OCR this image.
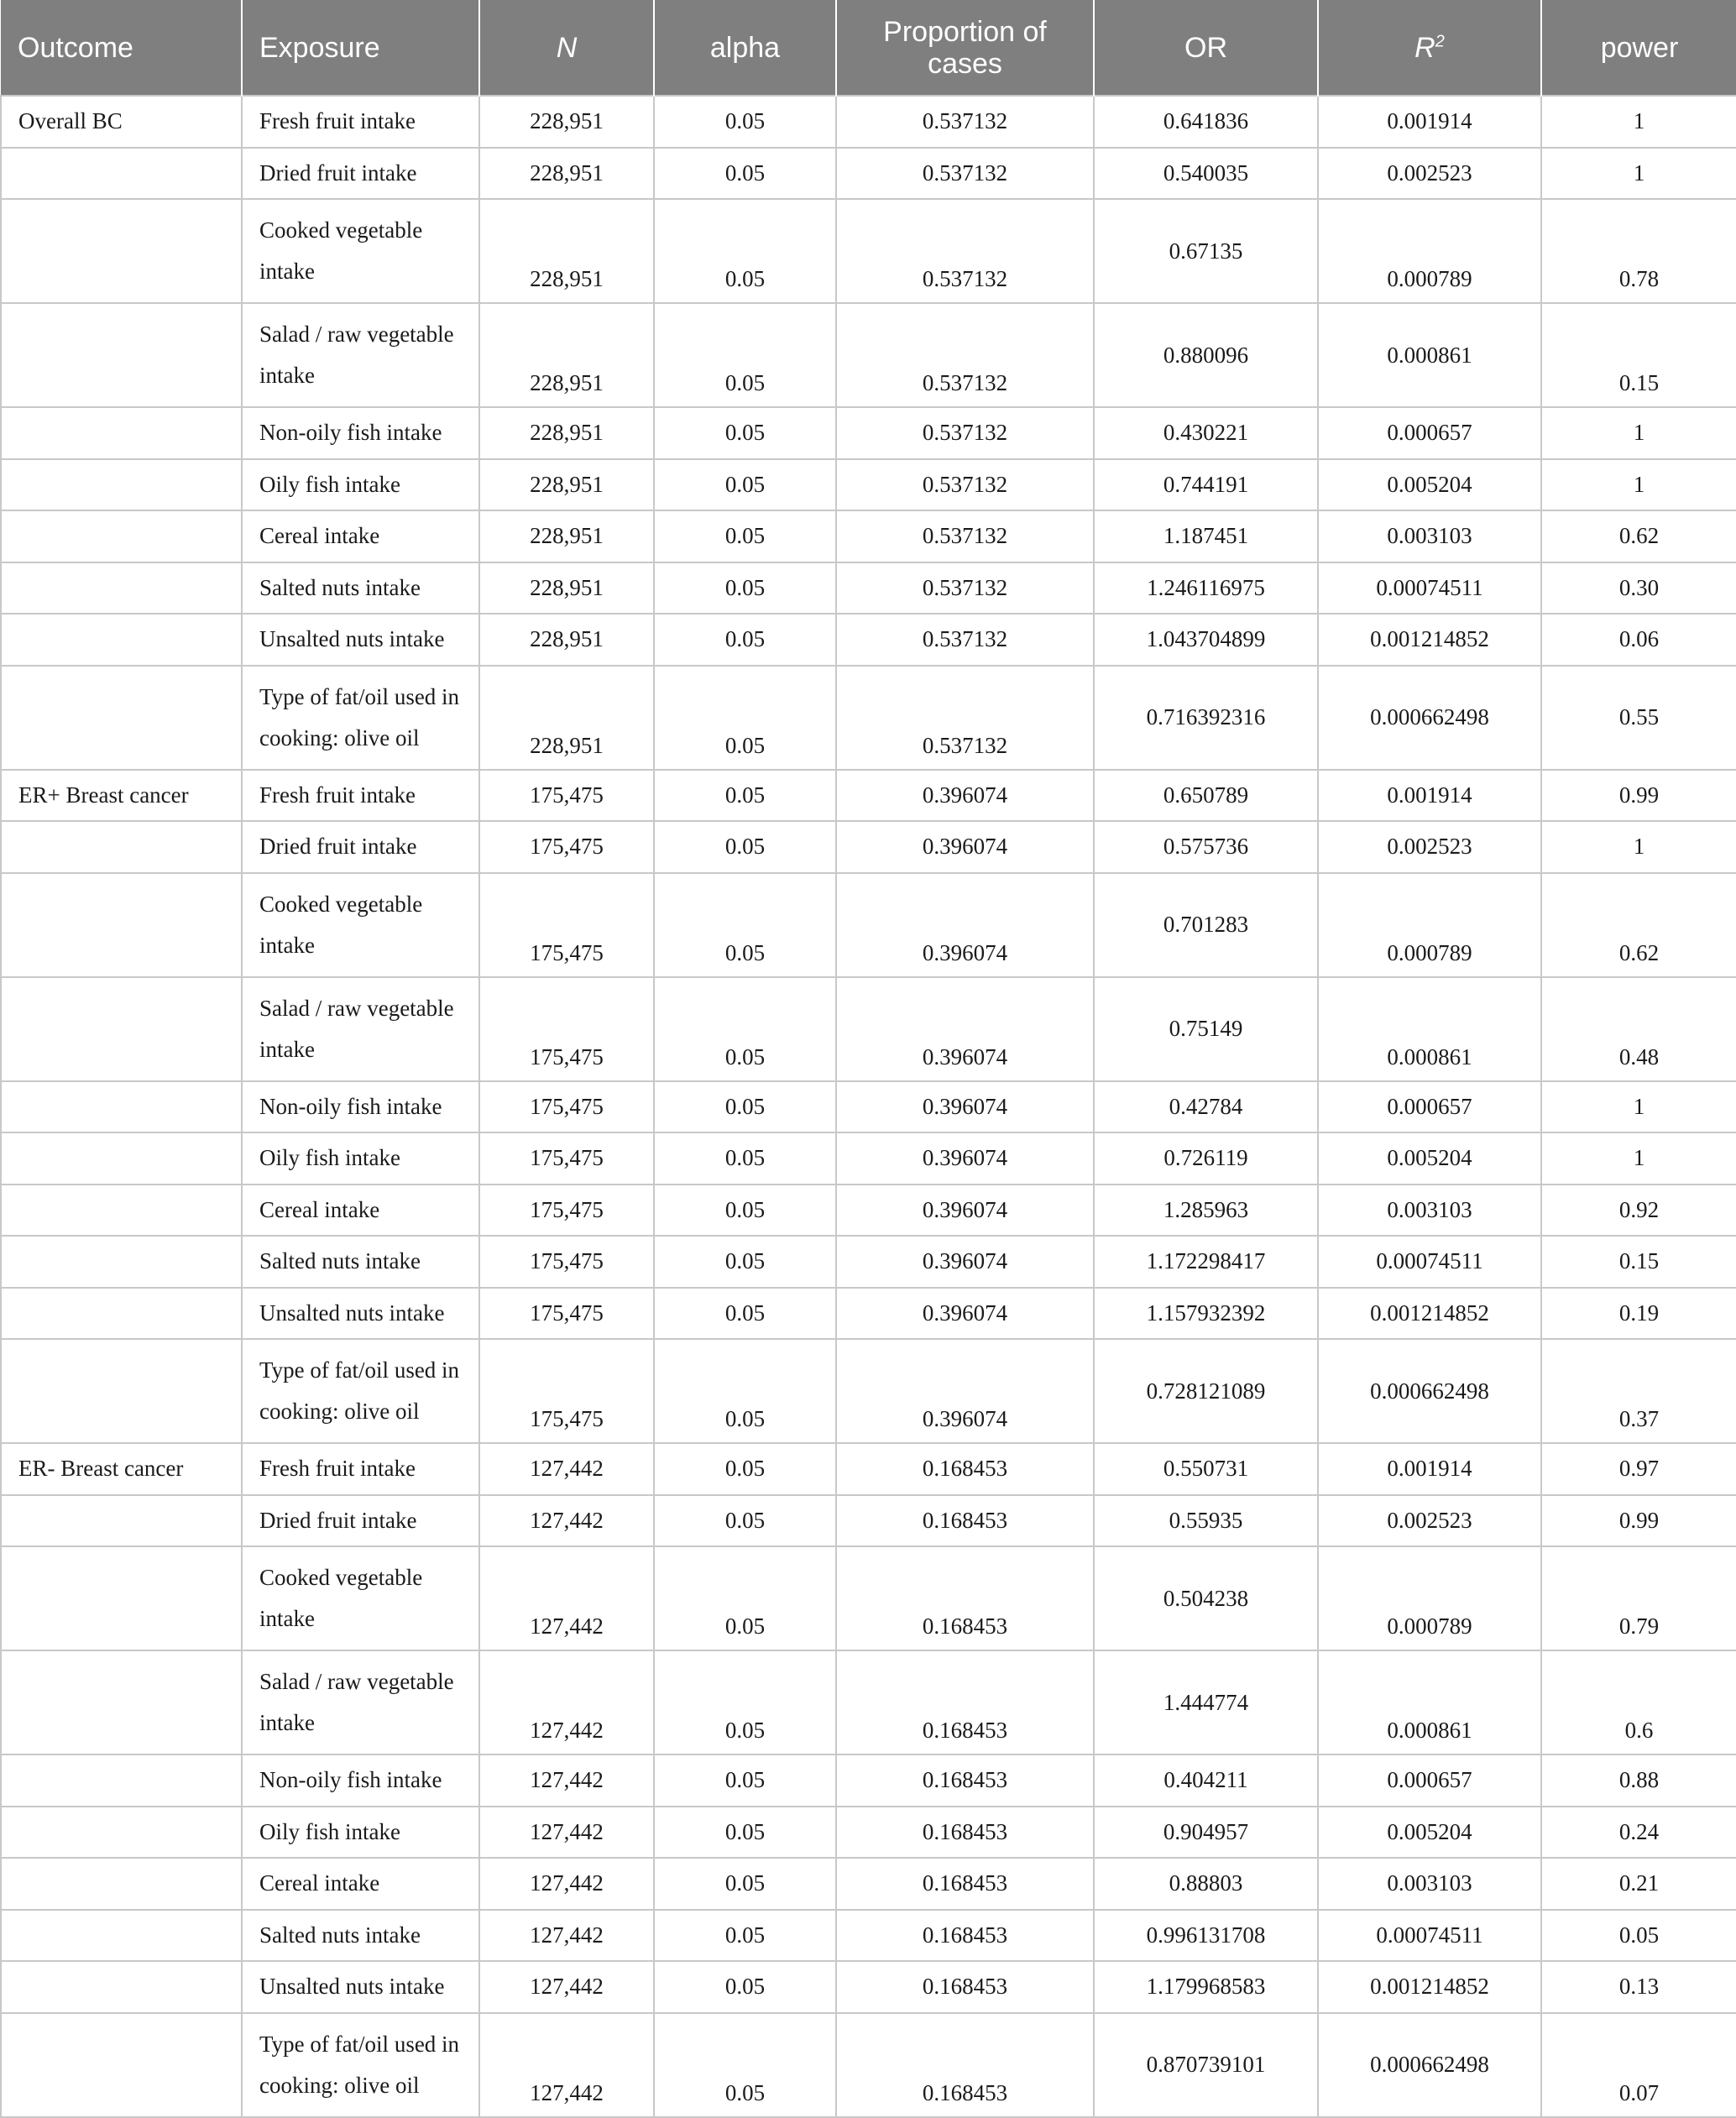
Outcome	Exposure	N	alpha	Proportion of cases	OR	$R^2$	power
Overall BC	Fresh fruit intake	228,951	0.05	0.537132	0.641836	0.001914	1
	Dried fruit intake	228,951	0.05	0.537132	0.540035	0.002523	1
	Cooked vegetable intake	228,951	0.05	0.537132	0.67135	0.000789	0.78
	Salad / raw vegetable intake	228,951	0.05	0.537132	0.880096	0.000861	0.15
	Non-oily fish intake	228,951	0.05	0.537132	0.430221	0.000657	1
	Oily fish intake	228,951	0.05	0.537132	0.744191	0.005204	1
	Cereal intake	228,951	0.05	0.537132	1.187451	0.003103	0.62
	Salted nuts intake	228,951	0.05	0.537132	1.246116975	0.00074511	0.30
	Unsalted nuts intake	228,951	0.05	0.537132	1.043704899	0.001214852	0.06
	Type of fat/oil used in cooking: olive oil	228,951	0.05	0.537132	0.716392316	0.000662498	0.55
ER+ Breast cancer	Fresh fruit intake	175,475	0.05	0.396074	0.650789	0.001914	0.99
	Dried fruit intake	175,475	0.05	0.396074	0.575736	0.002523	1
	Cooked vegetable intake	175,475	0.05	0.396074	0.701283	0.000789	0.62
	Salad / raw vegetable intake	175,475	0.05	0.396074	0.75149	0.000861	0.48
	Non-oily fish intake	175,475	0.05	0.396074	0.42784	0.000657	1
	Oily fish intake	175,475	0.05	0.396074	0.726119	0.005204	1
	Cereal intake	175,475	0.05	0.396074	1.285963	0.003103	0.92
	Salted nuts intake	175,475	0.05	0.396074	1.172298417	0.00074511	0.15
	Unsalted nuts intake	175,475	0.05	0.396074	1.157932392	0.001214852	0.19
	Type of fat/oil used in cooking: olive oil	175,475	0.05	0.396074	0.728121089	0.000662498	0.37
ER- Breast cancer	Fresh fruit intake	127,442	0.05	0.168453	0.550731	0.001914	0.97
	Dried fruit intake	127,442	0.05	0.168453	0.55935	0.002523	0.99
	Cooked vegetable intake	127,442	0.05	0.168453	0.504238	0.000789	0.79
	Salad / raw vegetable intake	127,442	0.05	0.168453	1.444774	0.000861	0.6
	Non-oily fish intake	127,442	0.05	0.168453	0.404211	0.000657	0.88
	Oily fish intake	127,442	0.05	0.168453	0.904957	0.005204	0.24
	Cereal intake	127,442	0.05	0.168453	0.88803	0.003103	0.21
	Salted nuts intake	127,442	0.05	0.168453	0.996131708	0.00074511	0.05
	Unsalted nuts intake	127,442	0.05	0.168453	1.179968583	0.001214852	0.13
	Type of fat/oil used in cooking: olive oil	127,442	0.05	0.168453	0.870739101	0.000662498	0.07
